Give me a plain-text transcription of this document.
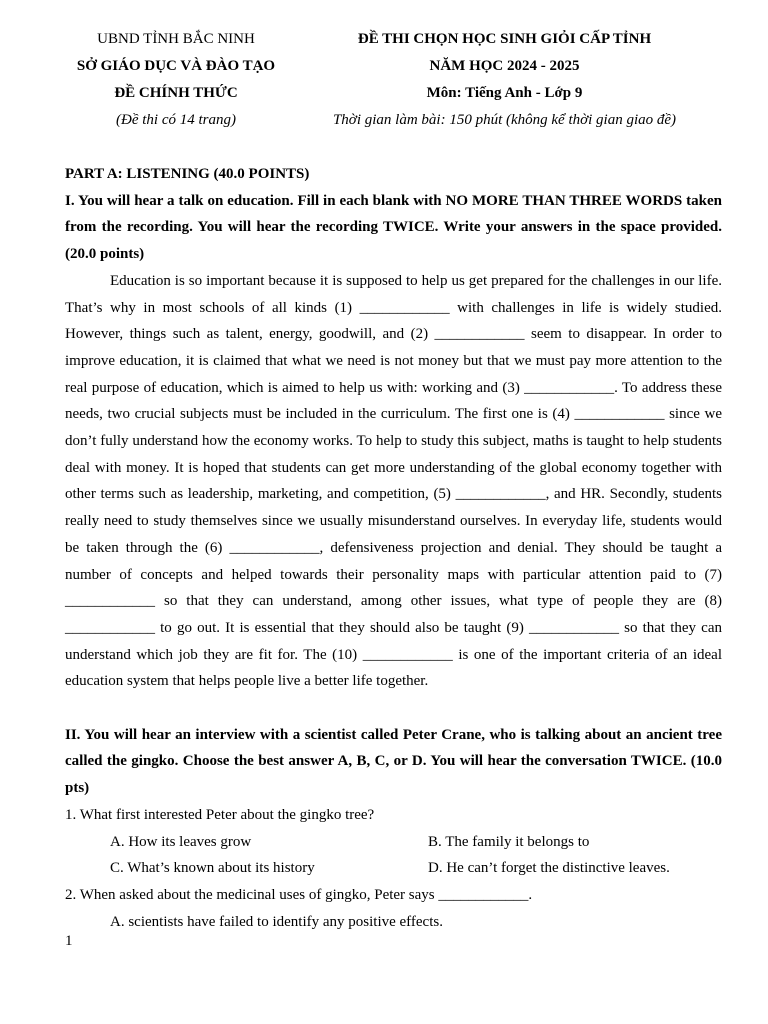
UBND TỈNH BẮC NINH
SỞ GIÁO DỤC VÀ ĐÀO TẠO
ĐỀ CHÍNH THỨC
(Đề thi có 14 trang)
ĐỀ THI CHỌN HỌC SINH GIỎI CẤP TỈNH
NĂM HỌC 2024 - 2025
Môn: Tiếng Anh - Lớp 9
Thời gian làm bài: 150 phút (không kể thời gian giao đề)

PART A: LISTENING (40.0 POINTS)

I. You will hear a talk on education. Fill in each blank with NO MORE THAN THREE WORDS taken from the recording. You will hear the recording TWICE. Write your answers in the space provided. (20.0 points)

Education is so important because it is supposed to help us get prepared for the challenges in our life. That’s why in most schools of all kinds (1) ____________ with challenges in life is widely studied. However, things such as talent, energy, goodwill, and (2) ____________ seem to disappear. In order to improve education, it is claimed that what we need is not money but that we must pay more attention to the real purpose of education, which is aimed to help us with: working and (3) ____________. To address these needs, two crucial subjects must be included in the curriculum. The first one is (4) ____________ since we don’t fully understand how the economy works. To help to study this subject, maths is taught to help students deal with money. It is hoped that students can get more understanding of the global economy together with other terms such as leadership, marketing, and competition, (5) ____________, and HR. Secondly, students really need to study themselves since we usually misunderstand ourselves. In everyday life, students would be taken through the (6) ____________, defensiveness projection and denial. They should be taught a number of concepts and helped towards their personality maps with particular attention paid to (7) ____________ so that they can understand, among other issues, what type of people they are (8) ____________ to go out. It is essential that they should also be taught (9) ____________ so that they can understand which job they are fit for. The (10) ____________ is one of the important criteria of an ideal education system that helps people live a better life together.

II. You will hear an interview with a scientist called Peter Crane, who is talking about an ancient tree called the gingko. Choose the best answer A, B, C, or D. You will hear the conversation TWICE. (10.0 pts)

1. What first interested Peter about the gingko tree?

A. How its leaves grow	B. The family it belongs to
C. What’s known about its history	D. He can’t forget the distinctive leaves.

2. When asked about the medicinal uses of gingko, Peter says ____________.

A. scientists have failed to identify any positive effects.

1
